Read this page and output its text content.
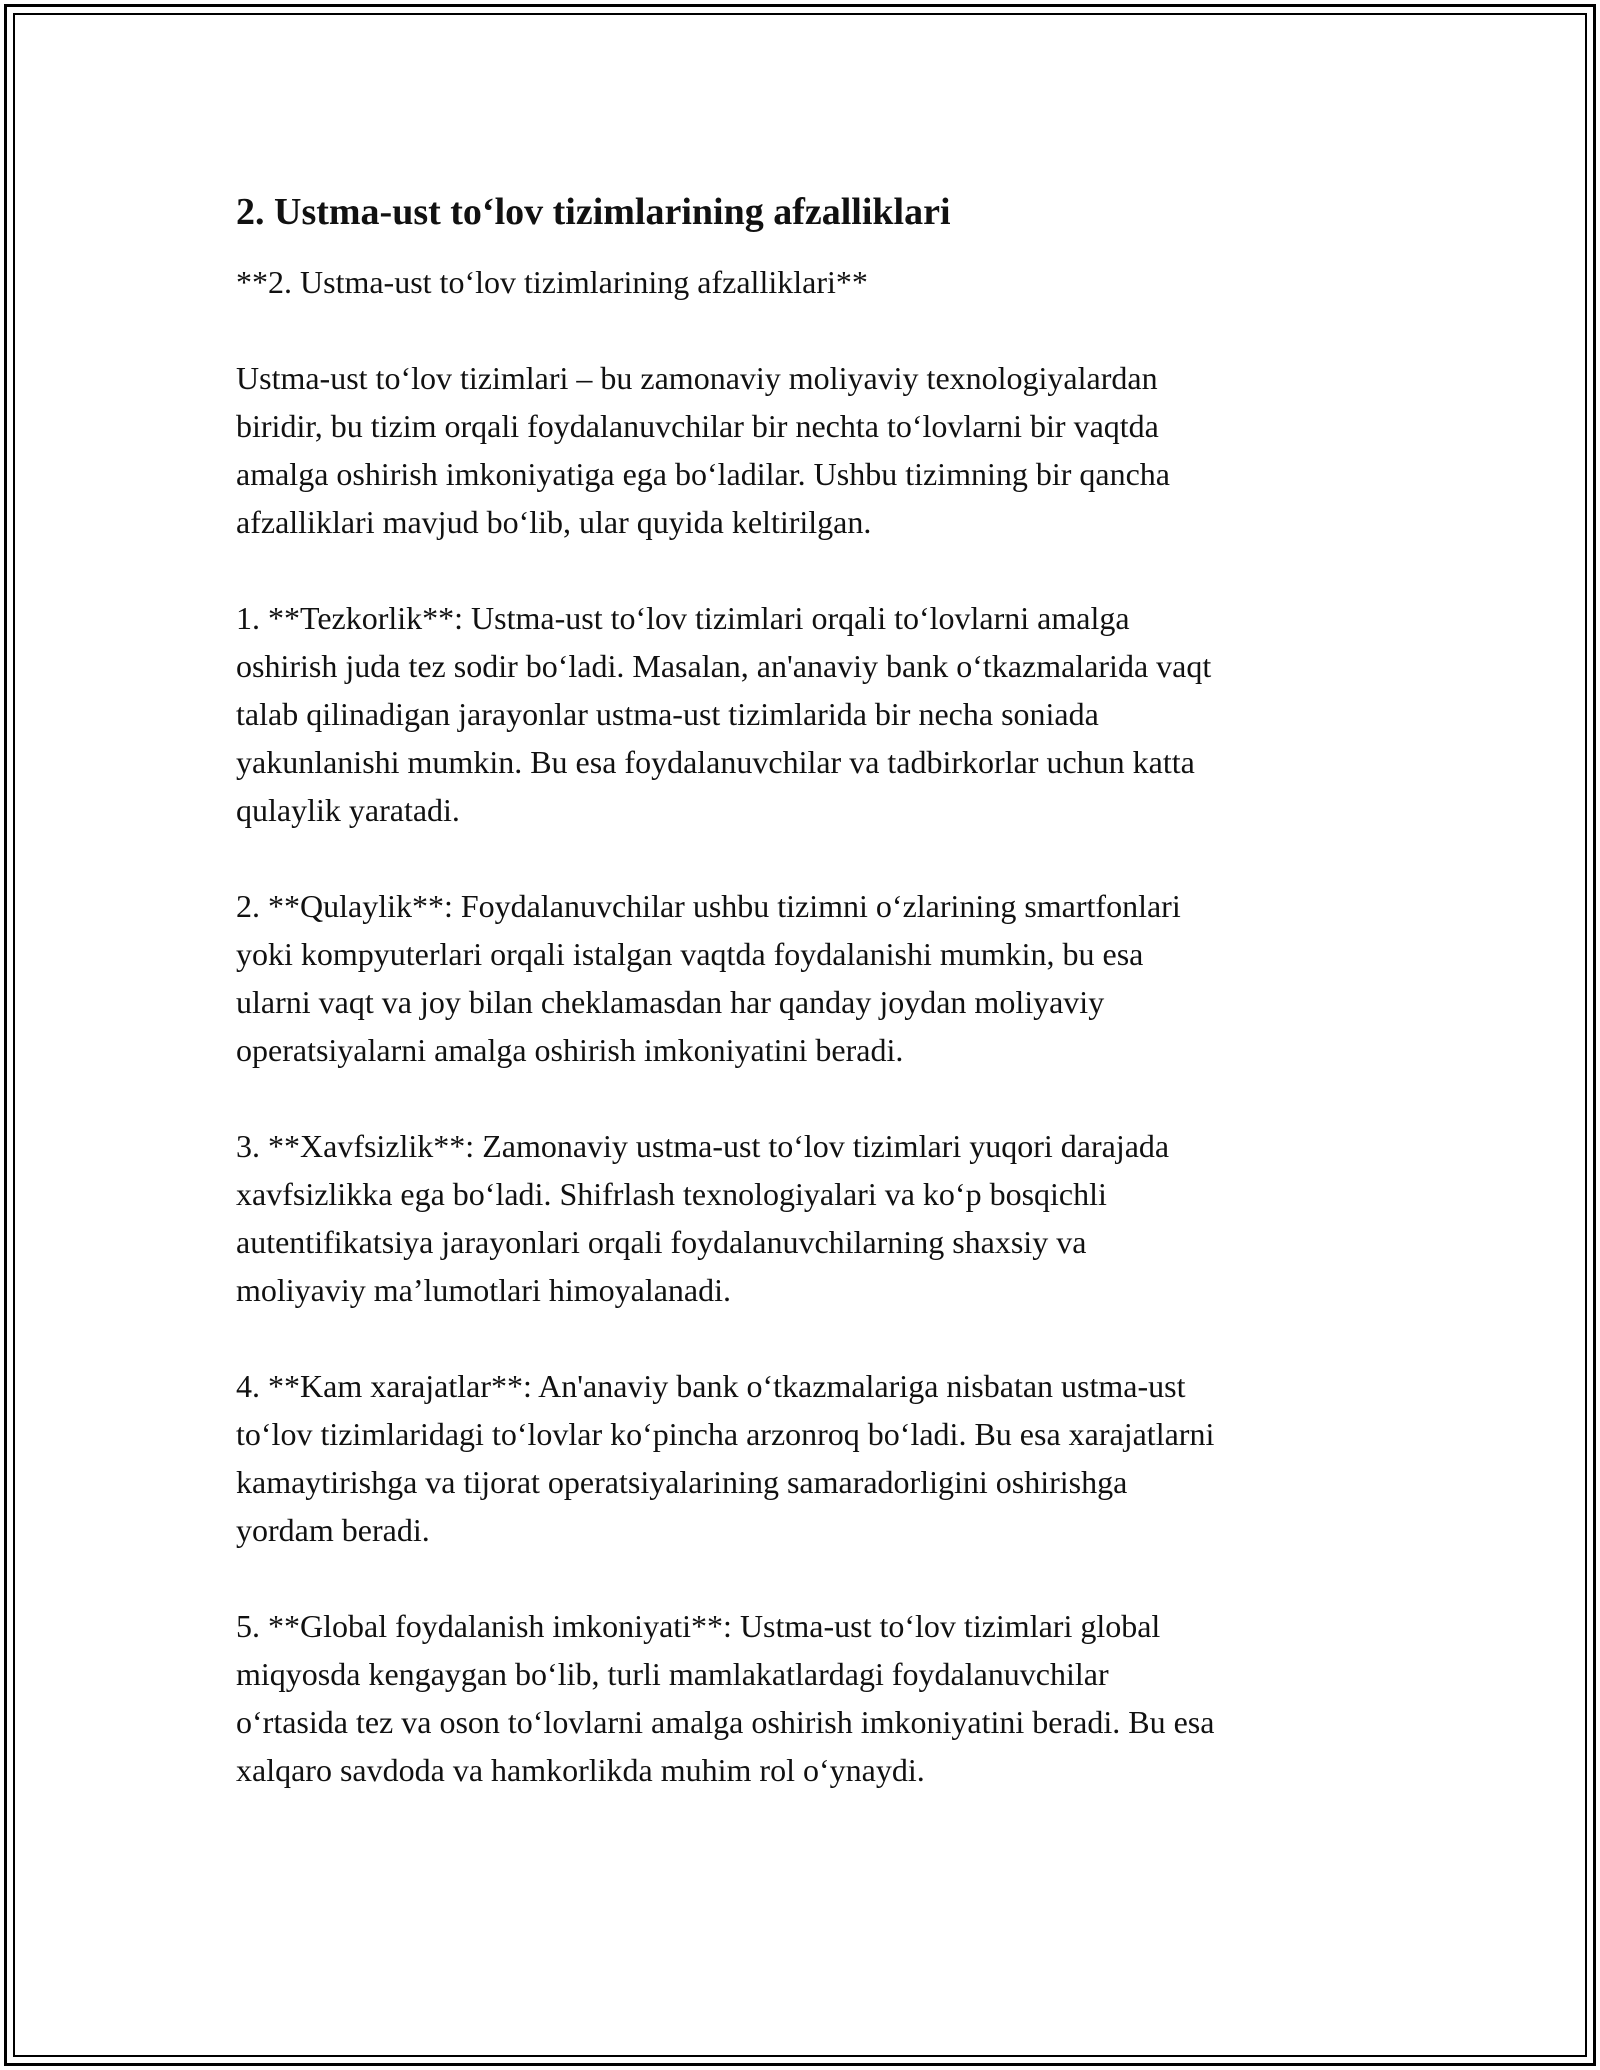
2. Ustma-ust to‘lov tizimlarining afzalliklari

**2. Ustma-ust to‘lov tizimlarining afzalliklari**

Ustma-ust to‘lov tizimlari – bu zamonaviy moliyaviy texnologiyalardan
biridir, bu tizim orqali foydalanuvchilar bir nechta to‘lovlarni bir vaqtda
amalga oshirish imkoniyatiga ega bo‘ladilar. Ushbu tizimning bir qancha
afzalliklari mavjud bo‘lib, ular quyida keltirilgan.

1. **Tezkorlik**: Ustma-ust to‘lov tizimlari orqali to‘lovlarni amalga
oshirish juda tez sodir bo‘ladi. Masalan, an'anaviy bank o‘tkazmalarida vaqt
talab qilinadigan jarayonlar ustma-ust tizimlarida bir necha soniada
yakunlanishi mumkin. Bu esa foydalanuvchilar va tadbirkorlar uchun katta
qulaylik yaratadi.

2. **Qulaylik**: Foydalanuvchilar ushbu tizimni o‘zlarining smartfonlari
yoki kompyuterlari orqali istalgan vaqtda foydalanishi mumkin, bu esa
ularni vaqt va joy bilan cheklamasdan har qanday joydan moliyaviy
operatsiyalarni amalga oshirish imkoniyatini beradi.

3. **Xavfsizlik**: Zamonaviy ustma-ust to‘lov tizimlari yuqori darajada
xavfsizlikka ega bo‘ladi. Shifrlash texnologiyalari va ko‘p bosqichli
autentifikatsiya jarayonlari orqali foydalanuvchilarning shaxsiy va
moliyaviy ma’lumotlari himoyalanadi.

4. **Kam xarajatlar**: An'anaviy bank o‘tkazmalariga nisbatan ustma-ust
to‘lov tizimlaridagi to‘lovlar ko‘pincha arzonroq bo‘ladi. Bu esa xarajatlarni
kamaytirishga va tijorat operatsiyalarining samaradorligini oshirishga
yordam beradi.

5. **Global foydalanish imkoniyati**: Ustma-ust to‘lov tizimlari global
miqyosda kengaygan bo‘lib, turli mamlakatlardagi foydalanuvchilar
o‘rtasida tez va oson to‘lovlarni amalga oshirish imkoniyatini beradi. Bu esa
xalqaro savdoda va hamkorlikda muhim rol o‘ynaydi.
